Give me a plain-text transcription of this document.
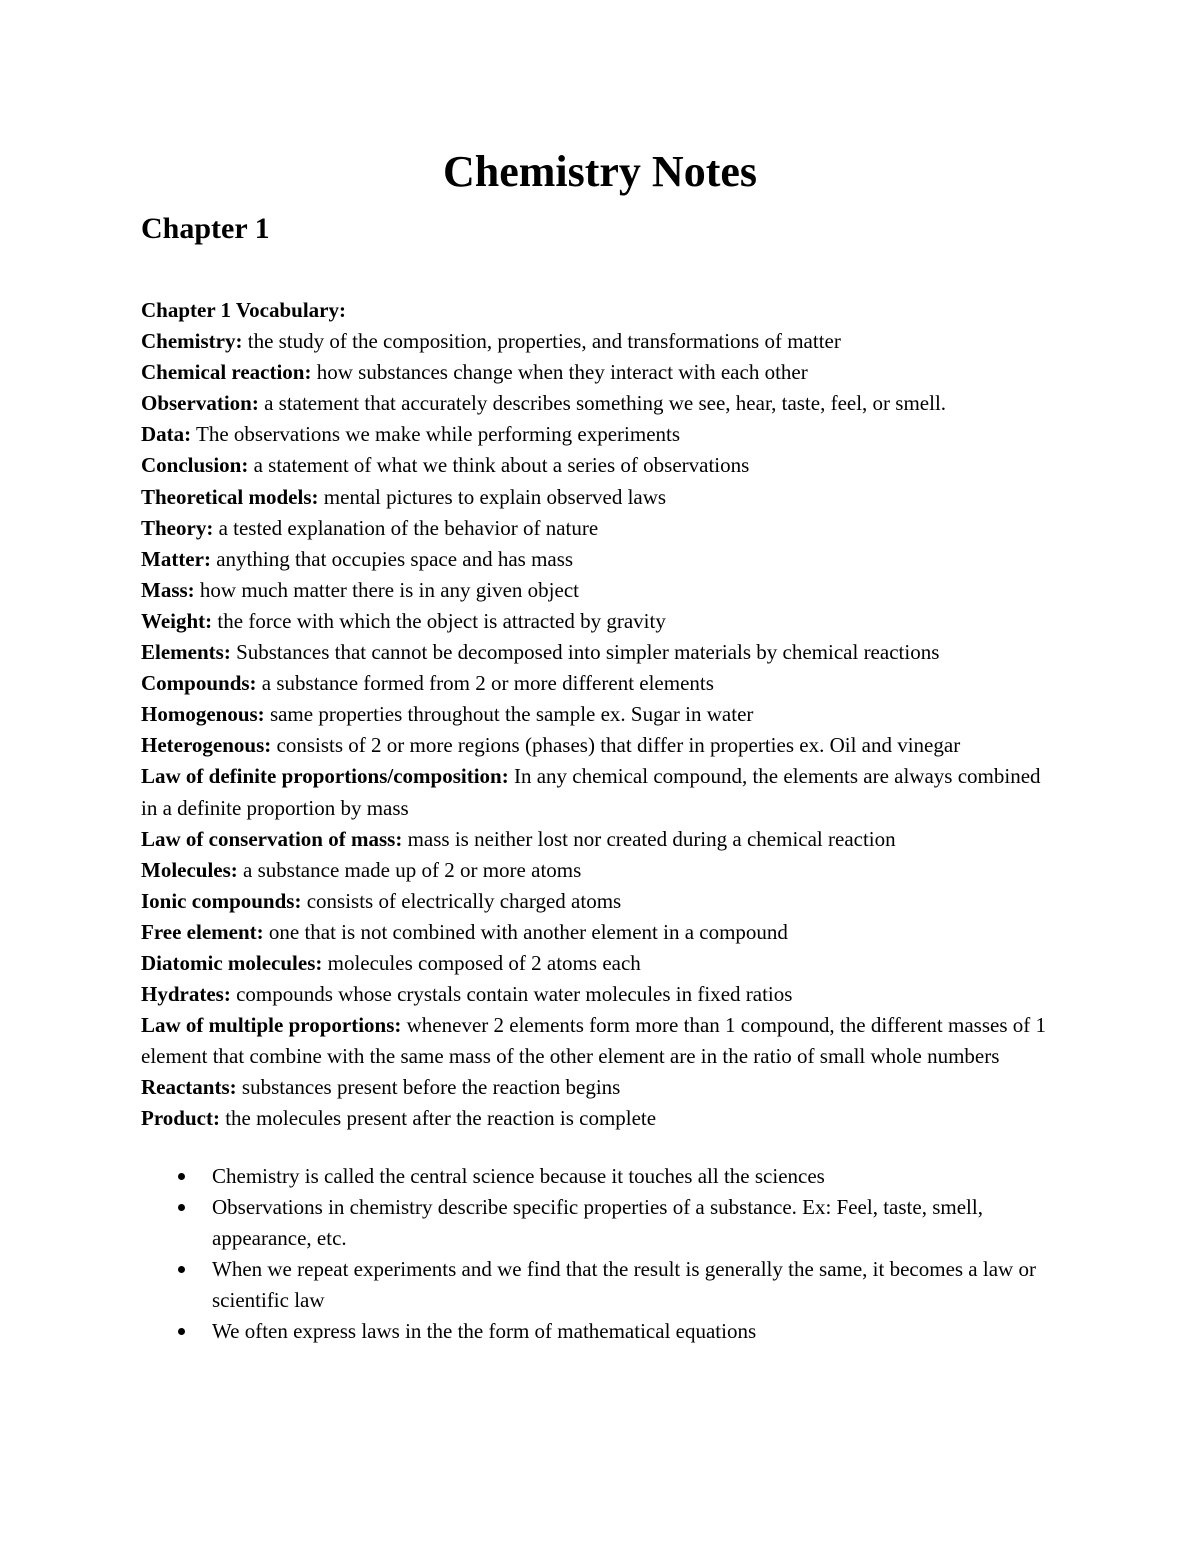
Chemistry Notes
Chapter 1
Chapter 1 Vocabulary:
Chemistry: the study of the composition, properties, and transformations of matter
Chemical reaction: how substances change when they interact with each other
Observation: a statement that accurately describes something we see, hear, taste, feel, or smell.
Data: The observations we make while performing experiments
Conclusion: a statement of what we think about a series of observations
Theoretical models: mental pictures to explain observed laws
Theory: a tested explanation of the behavior of nature
Matter: anything that occupies space and has mass
Mass: how much matter there is in any given object
Weight: the force with which the object is attracted by gravity
Elements: Substances that cannot be decomposed into simpler materials by chemical reactions
Compounds: a substance formed from 2 or more different elements
Homogenous: same properties throughout the sample ex. Sugar in water
Heterogenous: consists of 2 or more regions (phases) that differ in properties ex. Oil and vinegar
Law of definite proportions/composition: In any chemical compound, the elements are always combined in a definite proportion by mass
Law of conservation of mass: mass is neither lost nor created during a chemical reaction
Molecules: a substance made up of 2 or more atoms
Ionic compounds: consists of electrically charged atoms
Free element: one that is not combined with another element in a compound
Diatomic molecules: molecules composed of 2 atoms each
Hydrates: compounds whose crystals contain water molecules in fixed ratios
Law of multiple proportions: whenever 2 elements form more than 1 compound, the different masses of 1 element that combine with the same mass of the other element are in the ratio of small whole numbers
Reactants: substances present before the reaction begins
Product: the molecules present after the reaction is complete
Chemistry is called the central science because it touches all the sciences
Observations in chemistry describe specific properties of a substance. Ex: Feel, taste, smell, appearance, etc.
When we repeat experiments and we find that the result is generally the same, it becomes a law or scientific law
We often express laws in the the form of mathematical equations
